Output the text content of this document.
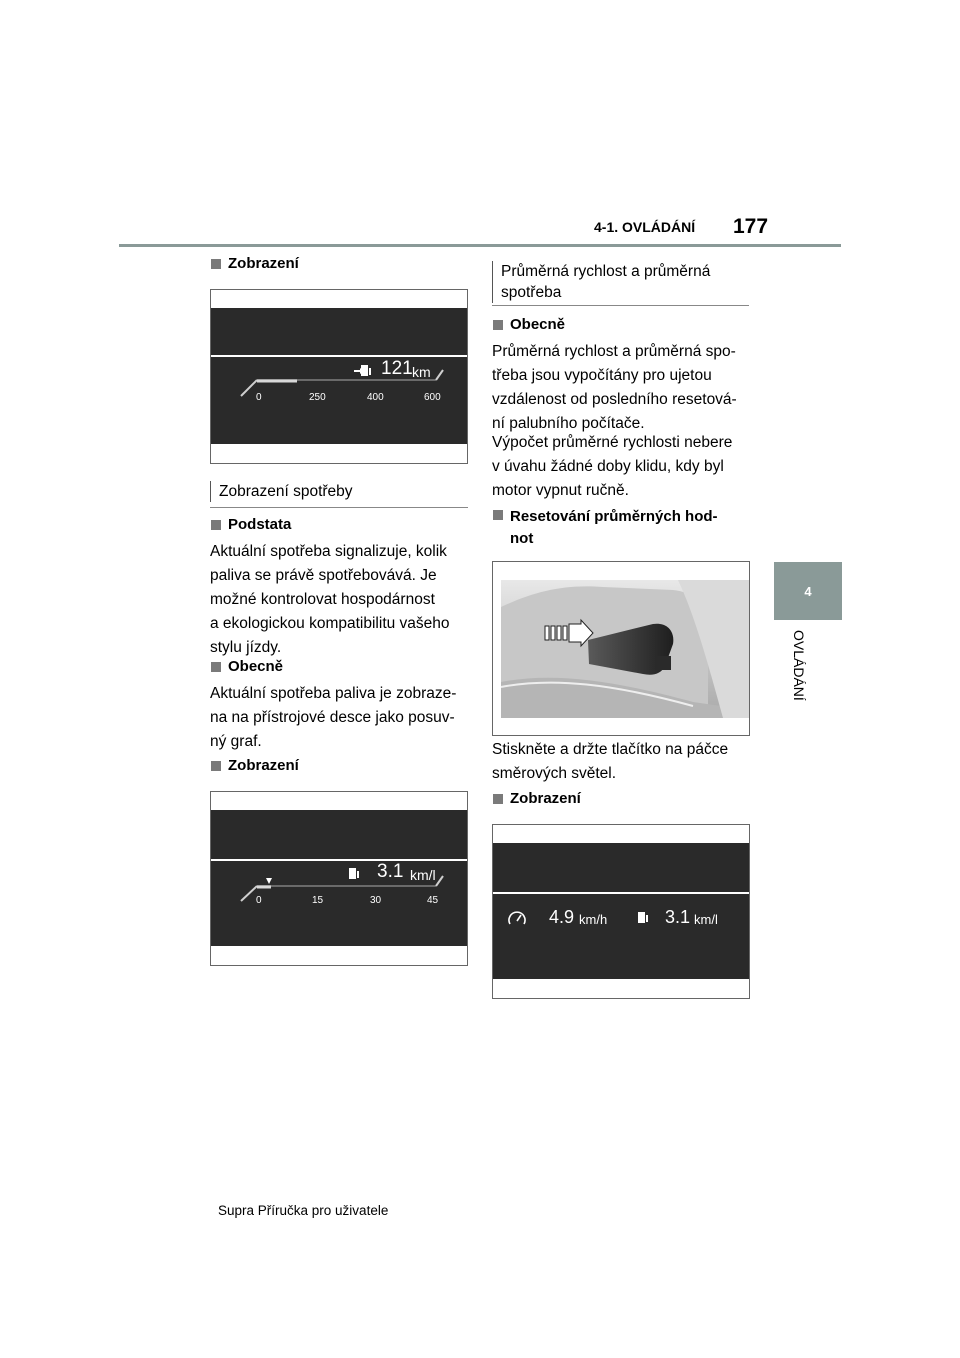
4-1. OVLÁDÁNÍ 177
4
OVLÁDÁNÍ
Zobrazení
121 km
0	250	400	600
Zobrazení spotřeby
Podstata
Aktuální spotřeba signalizuje, kolik
paliva se právě spotřebovává. Je
možné kontrolovat hospodárnost
a ekologickou kompatibilitu vašeho
stylu jízdy.
Obecně
Aktuální spotřeba paliva je zobraze-
na na přístrojové desce jako posuv-
ný graf.
Zobrazení
3.1 km/l
0	15	30	45
Průměrná rychlost a průměrná
spotřeba
Obecně
Průměrná rychlost a průměrná spo-
třeba jsou vypočítány pro ujetou
vzdálenost od posledního resetová-
ní palubního počítače.
Výpočet průměrné rychlosti nebere
v úvahu žádné doby klidu, kdy byl
motor vypnut ručně.
Resetování průměrných hod-
not
Stiskněte a držte tlačítko na páčce
směrových světel.
Zobrazení
4.9 km/h	3.1 km/l
Supra Příručka pro uživatele
